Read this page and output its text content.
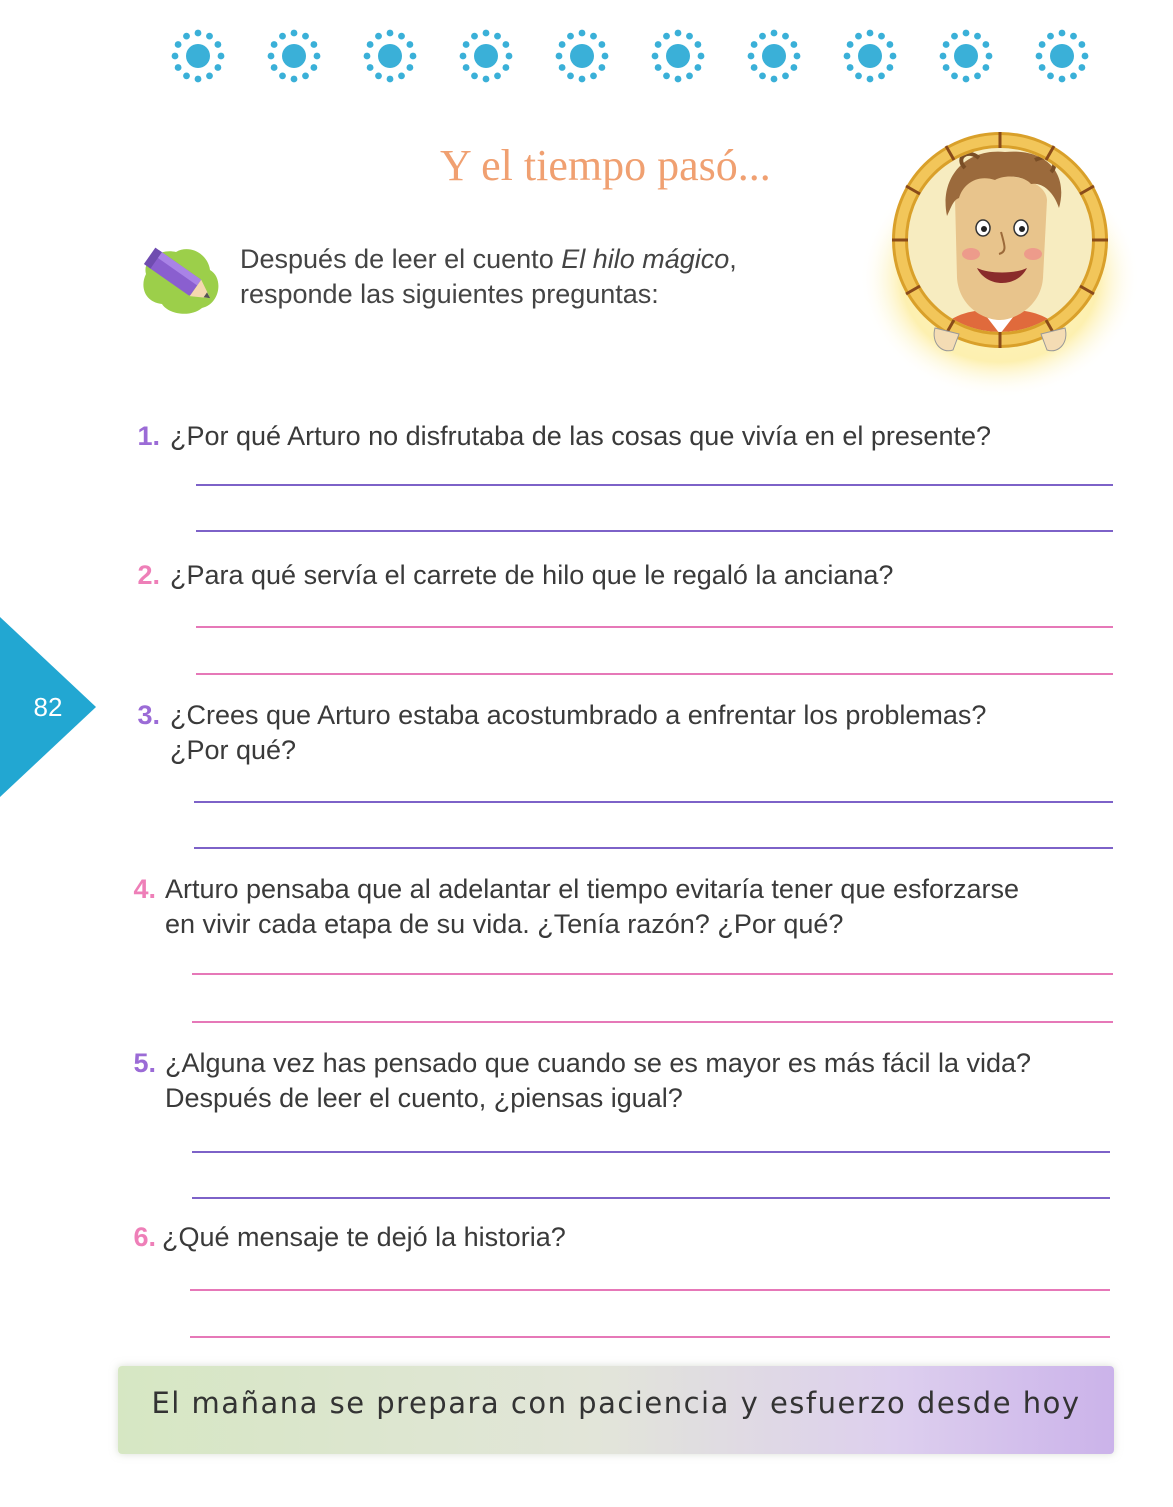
Y el tiempo pasó...
Después de leer el cuento El hilo mágico,
responde las siguientes preguntas:
1. ¿Por qué Arturo no disfrutaba de las cosas que vivía en el presente?
2. ¿Para qué servía el carrete de hilo que le regaló la anciana?
3. ¿Crees que Arturo estaba acostumbrado a enfrentar los problemas?
¿Por qué?
4. Arturo pensaba que al adelantar el tiempo evitaría tener que esforzarse
en vivir cada etapa de su vida. ¿Tenía razón? ¿Por qué?
5. ¿Alguna vez has pensado que cuando se es mayor es más fácil la vida?
Después de leer el cuento, ¿piensas igual?
6. ¿Qué mensaje te dejó la historia?
82
El mañana se prepara con paciencia y esfuerzo desde hoy
